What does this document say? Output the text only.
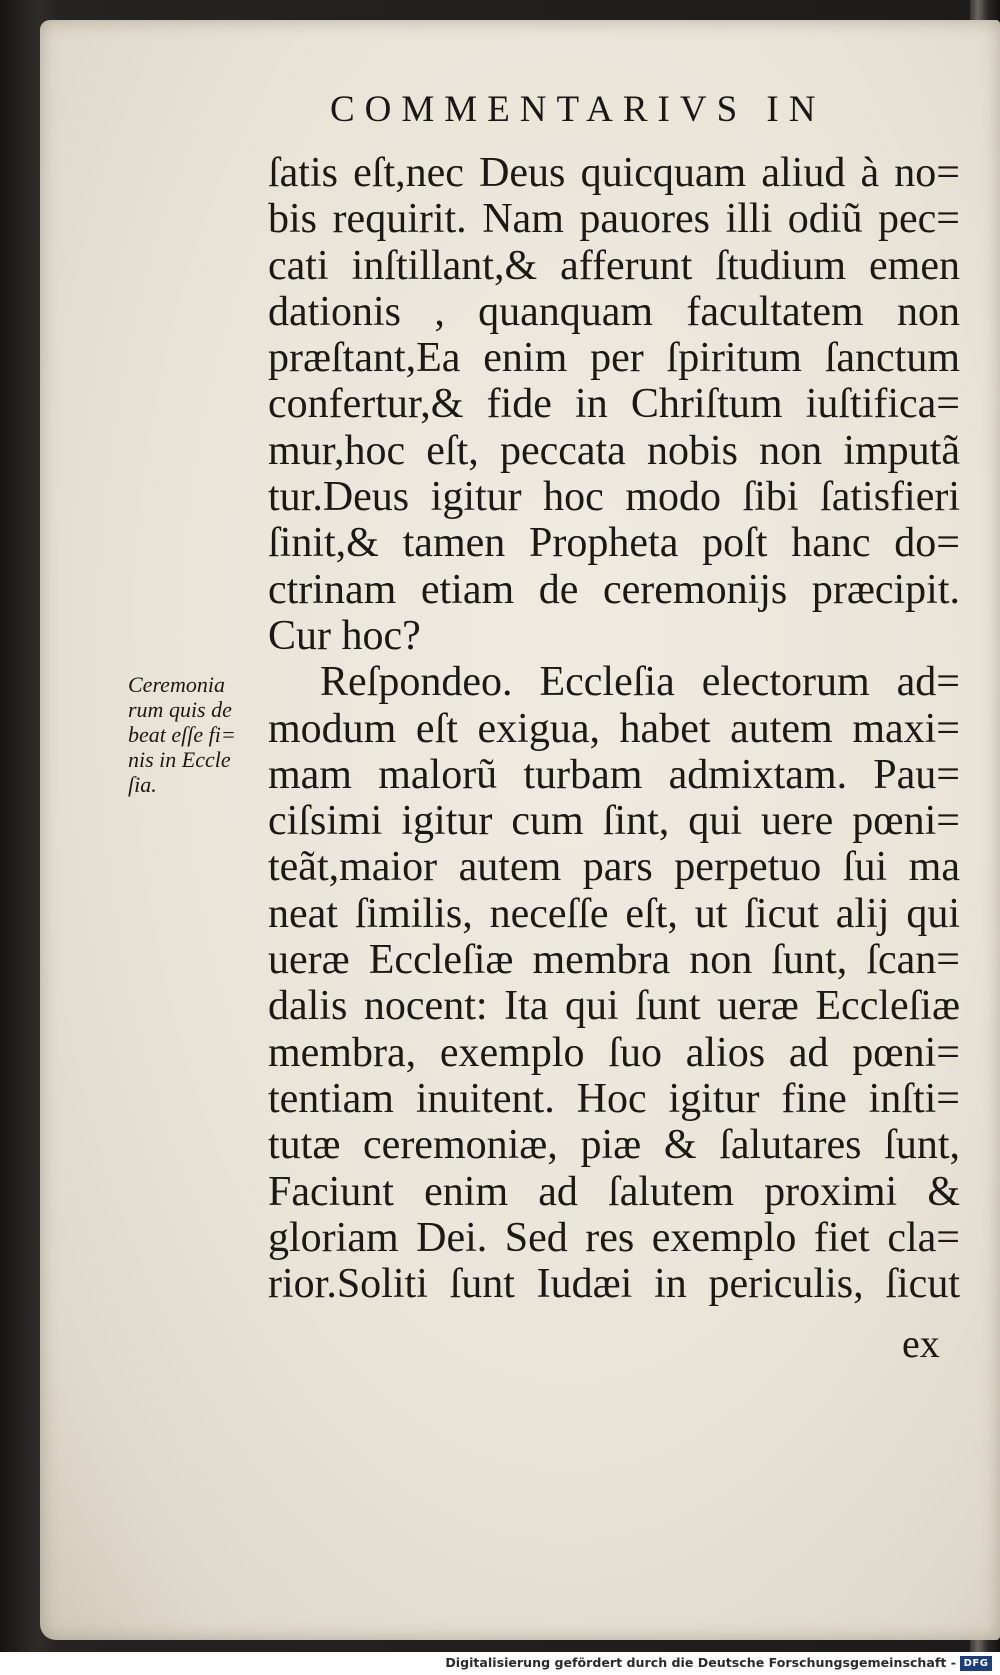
COMMENTARIVS IN
ſatis eſt,nec Deus quicquam aliud à no=
bis requirit. Nam pauores illi odiũ pec=
cati inſtillant,& afferunt ſtudium emen
dationis , quanquam facultatem non
præſtant,Ea enim per ſpiritum ſanctum
confertur,& fide in Chriſtum iuſtifica=
mur,hoc eſt, peccata nobis non imputã
tur.Deus igitur hoc modo ſibi ſatisfieri
ſinit,& tamen Propheta poſt hanc do=
ctrinam etiam de ceremonijs præcipit.
Cur hoc?
Reſpondeo. Eccleſia electorum ad=
modum eſt exigua, habet autem maxi=
mam malorũ turbam admixtam. Pau=
ciſsimi igitur cum ſint, qui uere pœni=
teãt,maior autem pars perpetuo ſui ma
neat ſimilis, neceſſe eſt, ut ſicut alij qui
ueræ Eccleſiæ membra non ſunt, ſcan=
dalis nocent: Ita qui ſunt ueræ Eccleſiæ
membra, exemplo ſuo alios ad pœni=
tentiam inuitent. Hoc igitur fine inſti=
tutæ ceremoniæ, piæ & ſalutares ſunt,
Faciunt enim ad ſalutem proximi &
gloriam Dei. Sed res exemplo fiet cla=
rior.Soliti ſunt Iudæi in periculis, ſicut
Ceremonia
rum quis de
beat eſſe fi=
nis in Eccle
ſia.
ex
Digitalisierung gefördert durch die Deutsche Forschungsgemeinschaft - DFG
